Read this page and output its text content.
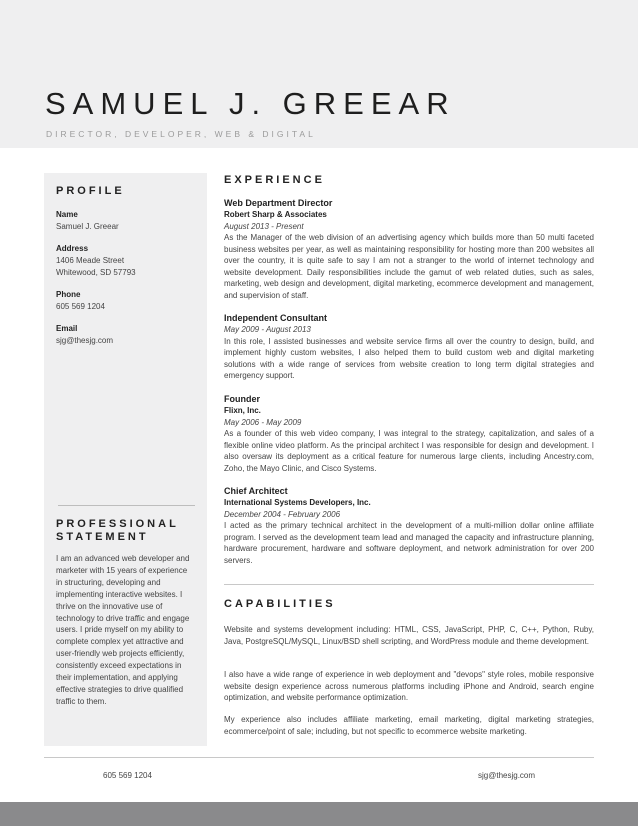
SAMUEL J. GREEAR
DIRECTOR, DEVELOPER, WEB & DIGITAL
PROFILE
Name
Samuel J. Greear
Address
1406 Meade Street
Whitewood, SD 57793
Phone
605 569 1204
Email
sjg@thesjg.com
PROFESSIONAL
STATEMENT
I am an advanced web developer and marketer with 15 years of experience in structuring, developing and implementing interactive websites. I thrive on the innovative use of technology to drive traffic and engage users. I pride myself on my ability to complete complex yet attractive and user-friendly web projects efficiently, consistently exceed expectations in their implementation, and applying effective strategies to drive qualified traffic to them.
EXPERIENCE
Web Department Director
Robert Sharp & Associates
August 2013 - Present
As the Manager of the web division of an advertising agency which builds more than 50 multi faceted business websites per year, as well as maintaining responsibility for hosting more than 200 websites all over the country, it is quite safe to say I am not a stranger to the world of internet technology and website development. Daily responsibilities include the gamut of web related duties, such as sales, marketing, web design and development, digital marketing, ecommerce development and management, and supervision of staff.
Independent Consultant
May 2009 - August 2013
In this role, I assisted businesses and website service firms all over the country to design, build, and implement highly custom websites, I also helped them to build custom web and digital marketing solutions with a wide range of services from website creation to long term digital strategies and emergency support.
Founder
Flixn, Inc.
May 2006 - May 2009
As a founder of this web video company, I was integral to the strategy, capitalization, and sales of a flexible online video platform. As the principal architect I was responsible for design and development. I also oversaw its deployment as a critical feature for numerous large clients, including Ancestry.com, Zoho, the Mayo Clinic, and Cisco Systems.
Chief Architect
International Systems Developers, Inc.
December 2004 - February 2006
I acted as the primary technical architect in the development of a multi-million dollar online affiliate program. I served as the development team lead and managed the capacity and infrastructure planning, hardware procurement, hardware and software deployment, and network administration for over 200 servers.
CAPABILITIES
Website and systems development including: HTML, CSS, JavaScript, PHP, C, C++, Python, Ruby, Java, PostgreSQL/MySQL, Linux/BSD shell scripting, and WordPress module and theme development.
I also have a wide range of experience in web deployment and "devops" style roles, mobile responsive website design experience across numerous platforms including iPhone and Android, search engine optimization, and website performance optimization.
My experience also includes affiliate marketing, email marketing, digital marketing strategies, ecommerce/point of sale; including, but not specific to ecommerce website marketing.
605 569 1204	sjg@thesjg.com
